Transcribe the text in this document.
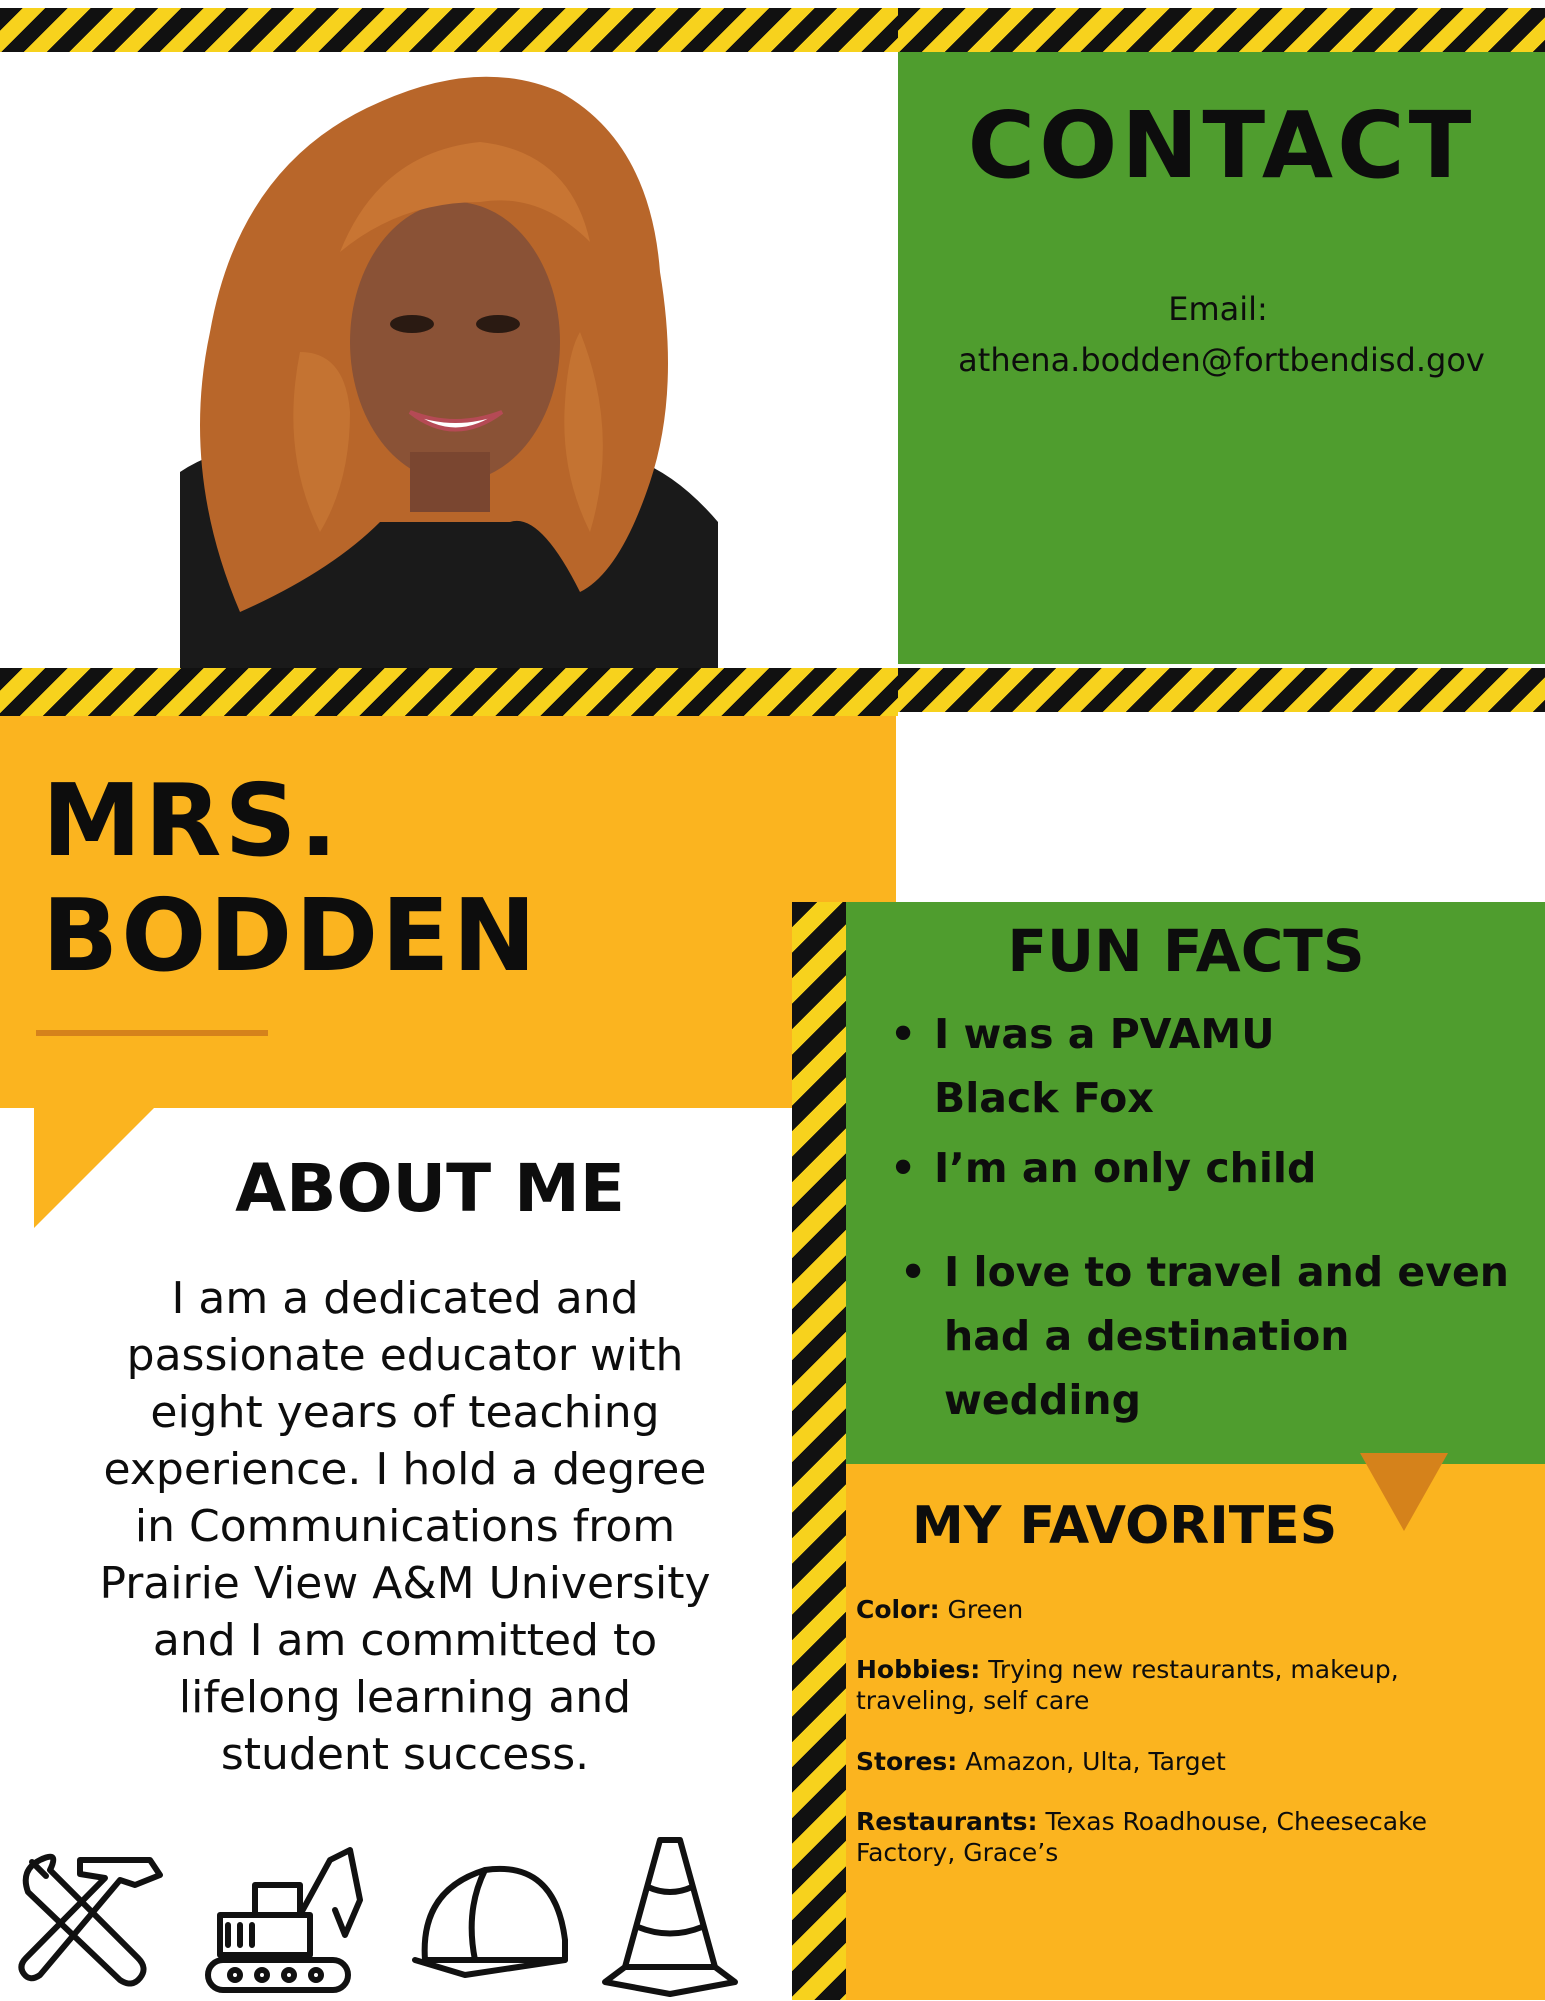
CONTACT
Email:
athena.bodden@fortbendisd.gov
MRS.
BODDEN
ABOUT ME
I am a dedicated and
passionate educator with
eight years of teaching
experience. I hold a degree
in Communications from
Prairie View A&M University
and I am committed to
lifelong learning and
student success.
FUN FACTS
• I was a PVAMU Black Fox
• I’m an only child
• I love to travel and even had a destination wedding
MY FAVORITES
Color: Green
Hobbies: Trying new restaurants, makeup, traveling, self care
Stores: Amazon, Ulta, Target
Restaurants: Texas Roadhouse, Cheesecake Factory, Grace’s
